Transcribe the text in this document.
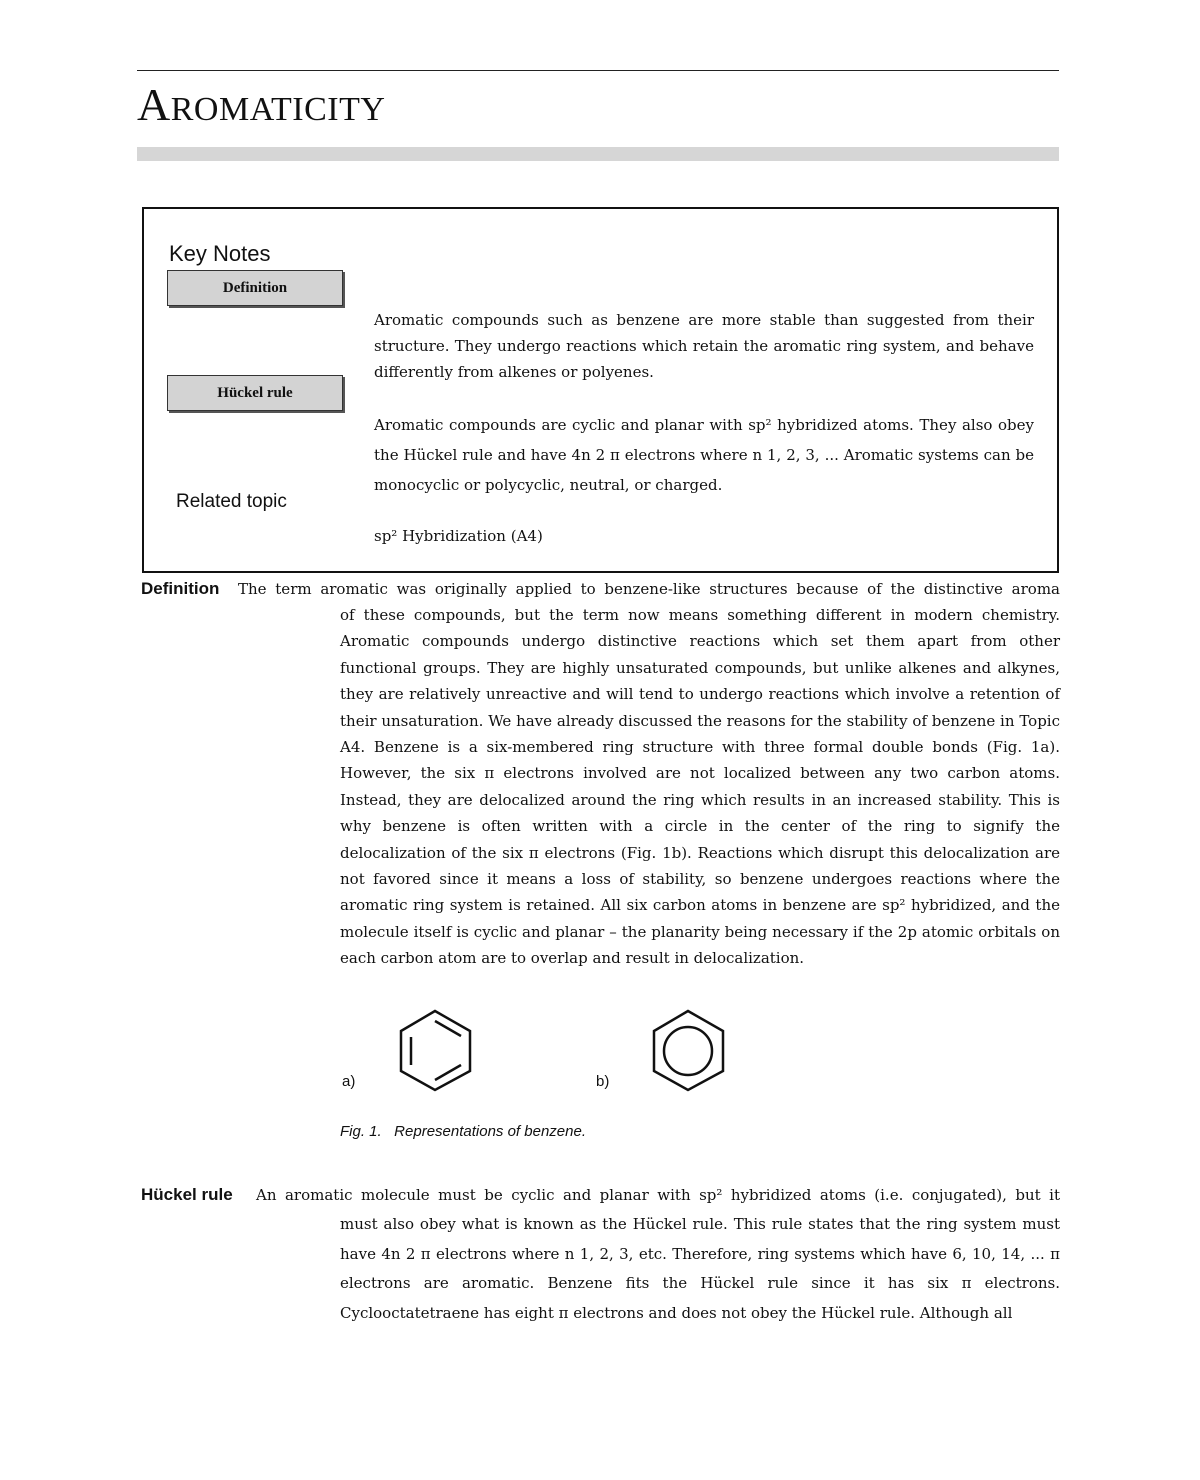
AROMATICITY
Key Notes
Definition
Hückel rule
Related topic
Aromatic compounds such as benzene are more stable than suggested from their structure. They undergo reactions which retain the aromatic ring system, and behave differently from alkenes or polyenes.
Aromatic compounds are cyclic and planar with sp² hybridized atoms. They also obey the Hückel rule and have 4n 2 π electrons where n 1, 2, 3, ... Aromatic systems can be monocyclic or polycyclic, neutral, or charged.
sp² Hybridization (A4)
Definition The term aromatic was originally applied to benzene-like structures because of the distinctive aroma
of these compounds, but the term now means something different in modern chemistry. Aromatic compounds undergo distinctive reactions which set them apart from other functional groups. They are highly unsaturated compounds, but unlike alkenes and alkynes, they are relatively unreactive and will tend to undergo reactions which involve a retention of their unsaturation. We have already discussed the reasons for the stability of benzene in Topic A4. Benzene is a six-membered ring structure with three formal double bonds (Fig. 1a). However, the six π electrons involved are not localized between any two carbon atoms. Instead, they are delocalized around the ring which results in an increased stability. This is why benzene is often written with a circle in the center of the ring to signify the delocalization of the six π electrons (Fig. 1b). Reactions which disrupt this delocalization are not favored since it means a loss of stability, so benzene undergoes reactions where the aromatic ring system is retained. All six carbon atoms in benzene are sp² hybridized, and the molecule itself is cyclic and planar – the planarity being necessary if the 2p atomic orbitals on each carbon atom are to overlap and result in delocalization.
a)	b)
Fig. 1.   Representations of benzene.
Hückel rule An aromatic molecule must be cyclic and planar with sp² hybridized atoms (i.e. conjugated), but it
must also obey what is known as the Hückel rule. This rule states that the ring system must have 4n 2 π electrons where n 1, 2, 3, etc. Therefore, ring systems which have 6, 10, 14, ... π electrons are aromatic. Benzene fits the Hückel rule since it has six π electrons. Cyclooctatetraene has eight π electrons and does not obey the Hückel rule. Although all
